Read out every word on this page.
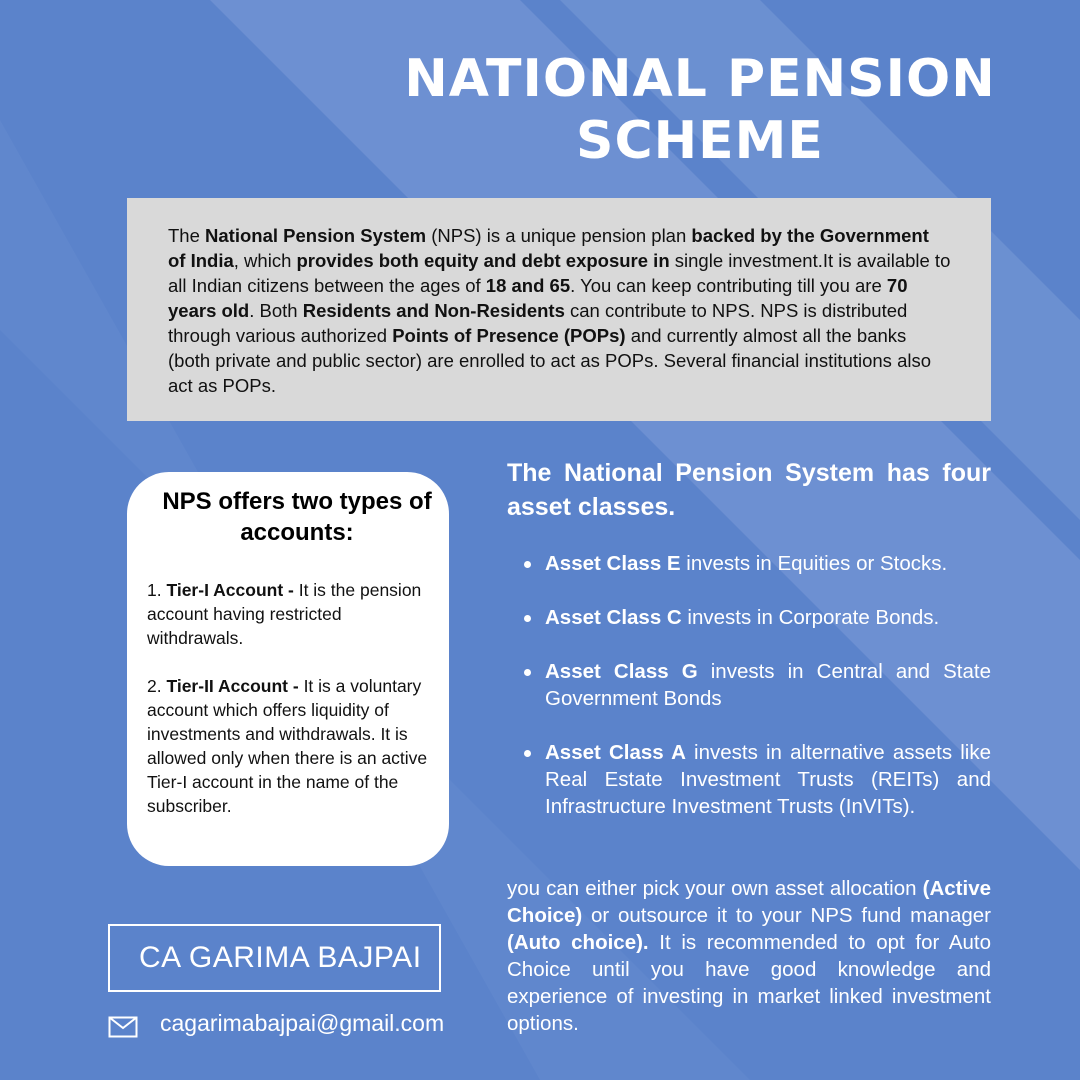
NATIONAL PENSION
SCHEME

The National Pension System (NPS) is a unique pension plan backed by the Government of India, which provides both equity and debt exposure in single investment.It is available to all Indian citizens between the ages of 18 and 65. You can keep contributing till you are 70 years old. Both Residents and Non-Residents can contribute to NPS. NPS is distributed through various authorized Points of Presence (POPs) and currently almost all the banks (both private and public sector) are enrolled to act as POPs. Several financial institutions also act as POPs.

NPS offers two types of accounts:

1. Tier-I Account - It is the pension account having restricted withdrawals.

2. Tier-II Account - It is a voluntary account which offers liquidity of investments and withdrawals. It is allowed only when there is an active Tier-I account in the name of the subscriber.

The National Pension System has four asset classes.
Asset Class E invests in Equities or Stocks.
Asset Class C invests in Corporate Bonds.
Asset Class G invests in Central and State Government Bonds
Asset Class A invests in alternative assets like Real Estate Investment Trusts (REITs) and Infrastructure Investment Trusts (InVITs).

you can either pick your own asset allocation (Active Choice) or outsource it to your NPS fund manager (Auto choice). It is recommended to opt for Auto Choice until you have good knowledge and experience of investing in market linked investment options.

CA GARIMA BAJPAI
cagarimabajpai@gmail.com
